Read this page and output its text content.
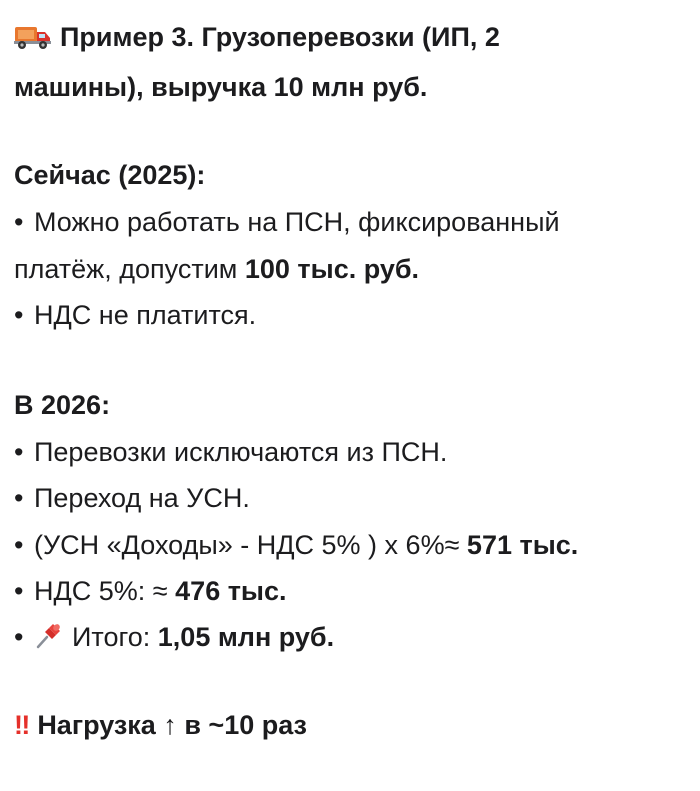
Пример 3. Грузоперевозки (ИП, 2
машины), выручка 10 млн руб.
Сейчас (2025):
• Можно работать на ПСН, фиксированный
платёж, допустим 100 тыс. руб.
• НДС не платится.
В 2026:
• Перевозки исключаются из ПСН.
• Переход на УСН.
• (УСН «Доходы» - НДС 5% ) х 6%≈ 571 тыс.
• НДС 5%: ≈ 476 тыс.
• Итого: 1,05 млн руб.
‼ Нагрузка ↑ в ~10 раз
